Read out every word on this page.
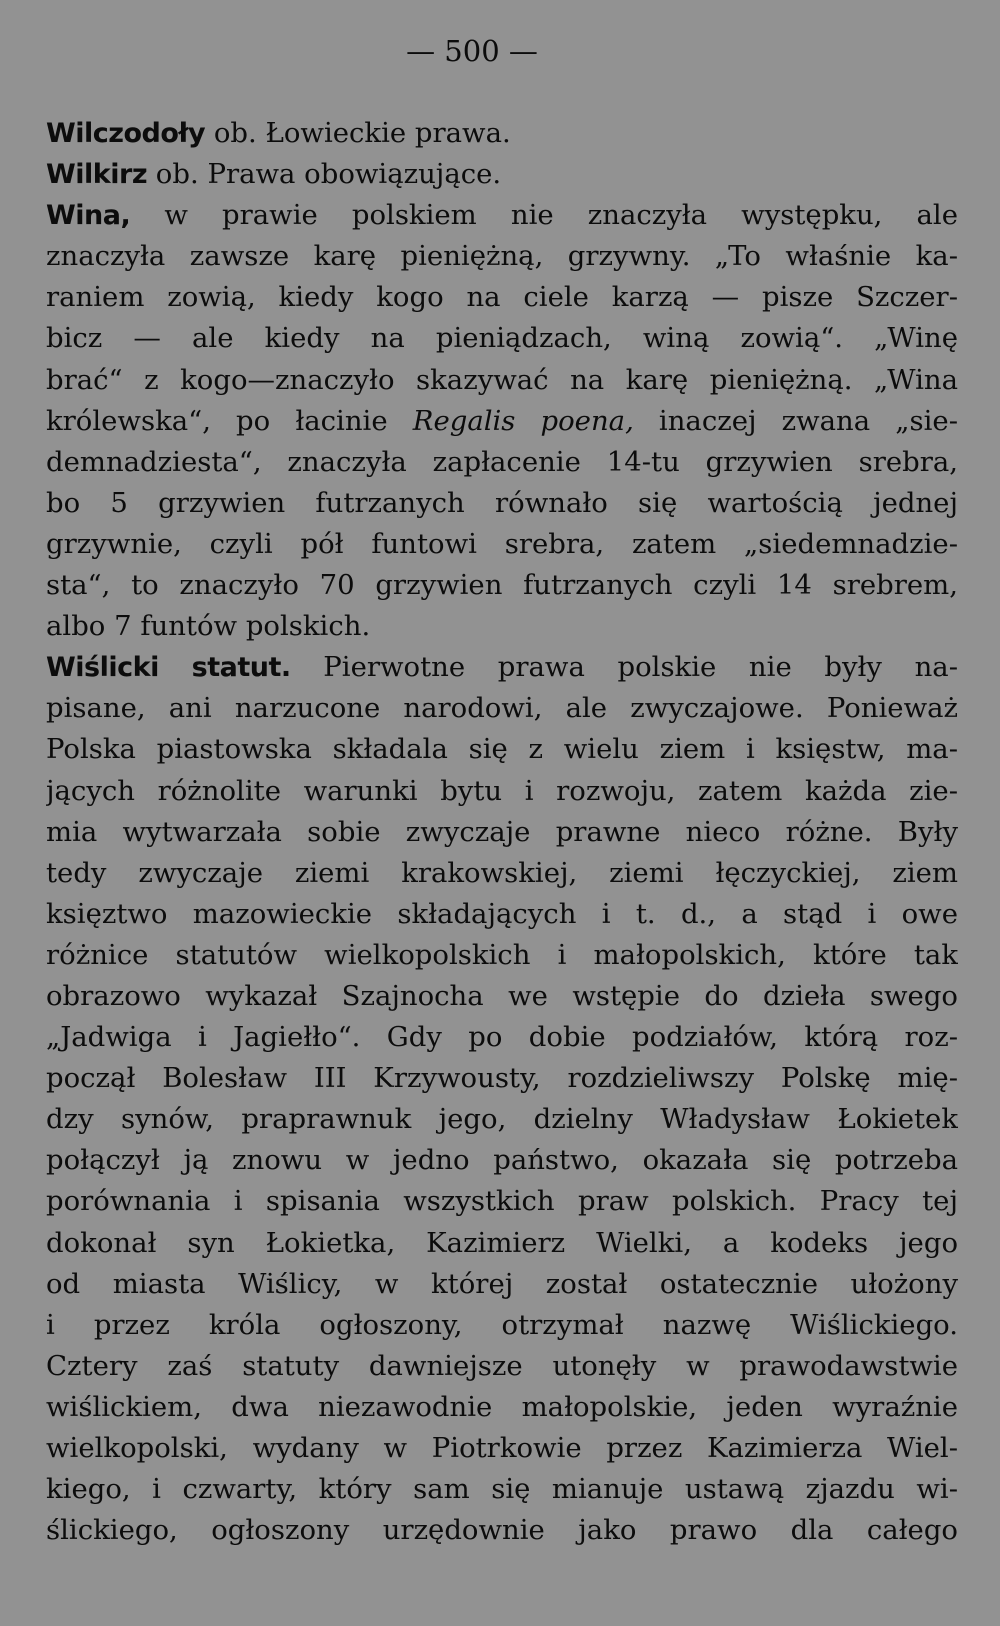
— 500 —
Wilczodoły ob. Łowieckie prawa.
Wilkirz ob. Prawa obowiązujące.
Wina, w prawie polskiem nie znaczyła występku, ale
znaczyła zawsze karę pieniężną, grzywny. „To właśnie ka-
raniem zowią, kiedy kogo na ciele karzą — pisze Szczer-
bicz — ale kiedy na pieniądzach, winą zowią“. „Winę
brać“ z kogo—znaczyło skazywać na karę pieniężną. „Wina
królewska“, po łacinie Regalis poena, inaczej zwana „sie-
demnadziesta“, znaczyła zapłacenie 14-tu grzywien srebra,
bo 5 grzywien futrzanych równało się wartością jednej
grzywnie, czyli pół funtowi srebra, zatem „siedemnadzie-
sta“, to znaczyło 70 grzywien futrzanych czyli 14 srebrem,
albo 7 funtów polskich.
Wiślicki statut. Pierwotne prawa polskie nie były na-
pisane, ani narzucone narodowi, ale zwyczajowe. Ponieważ
Polska piastowska składala się z wielu ziem i księstw, ma-
jących różnolite warunki bytu i rozwoju, zatem każda zie-
mia wytwarzała sobie zwyczaje prawne nieco różne. Były
tedy zwyczaje ziemi krakowskiej, ziemi łęczyckiej, ziem
księztwo mazowieckie składających i t. d., a stąd i owe
różnice statutów wielkopolskich i małopolskich, które tak
obrazowo wykazał Szajnocha we wstępie do dzieła swego
„Jadwiga i Jagiełło“. Gdy po dobie podziałów, którą roz-
począł Bolesław III Krzywousty, rozdzieliwszy Polskę mię-
dzy synów, praprawnuk jego, dzielny Władysław Łokietek
połączył ją znowu w jedno państwo, okazała się potrzeba
porównania i spisania wszystkich praw polskich. Pracy tej
dokonał syn Łokietka, Kazimierz Wielki, a kodeks jego
od miasta Wiślicy, w której został ostatecznie ułożony
i przez króla ogłoszony, otrzymał nazwę Wiślickiego.
Cztery zaś statuty dawniejsze utonęły w prawodawstwie
wiślickiem, dwa niezawodnie małopolskie, jeden wyraźnie
wielkopolski, wydany w Piotrkowie przez Kazimierza Wiel-
kiego, i czwarty, który sam się mianuje ustawą zjazdu wi-
ślickiego, ogłoszony urzędownie jako prawo dla całego
